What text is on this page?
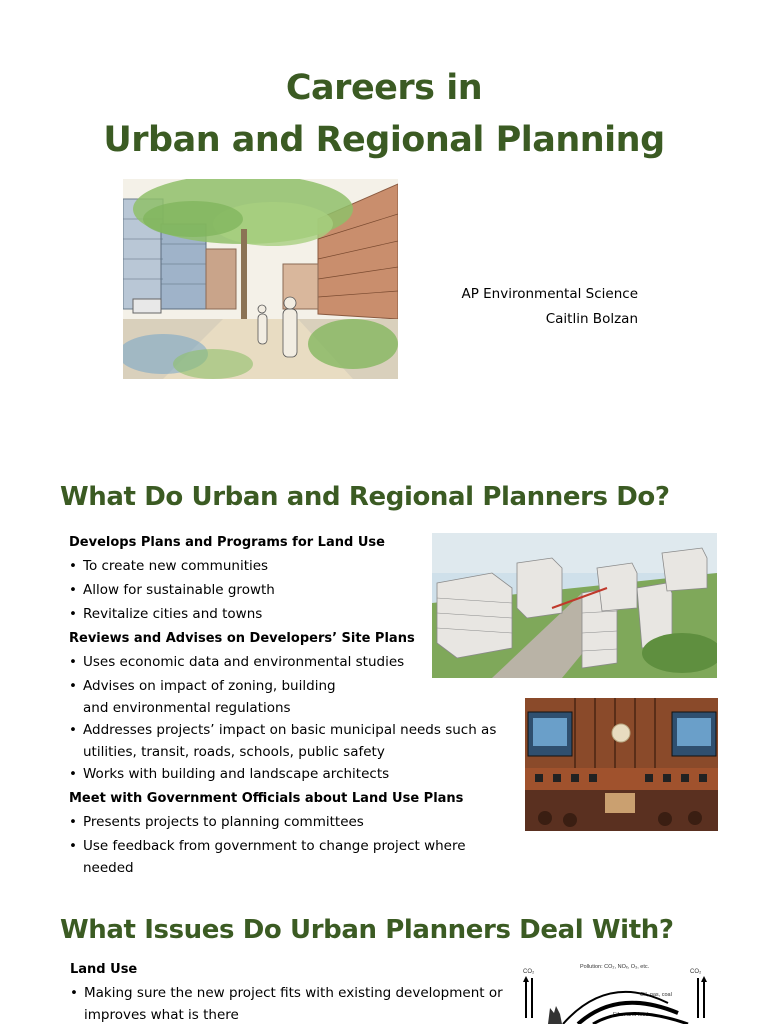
Careers in
Urban and Regional Planning
AP Environmental Science
Caitlin Bolzan
What Do Urban and Regional Planners Do?
Develops Plans and Programs for Land Use
• To create new communities
• Allow for sustainable growth
• Revitalize cities and towns
Reviews and Advises on Developers’ Site Plans
• Uses economic data and environmental studies
• Advises on impact of zoning, building and environmental regulations
• Addresses projects’ impact on basic municipal needs such as utilities, transit, roads, schools, public safety
• Works with building and landscape architects
Meet with Government Officials about Land Use Plans
• Presents projects to planning committees
• Use feedback from government to change project where needed
What Issues Do Urban Planners Deal With?
Land Use
• Making sure the new project fits with existing development or improves what is there
CO₂
Pollution: CO₂, NOₓ, O₃, etc.
CO₂
Oil, gas, coal
Fiber and food
